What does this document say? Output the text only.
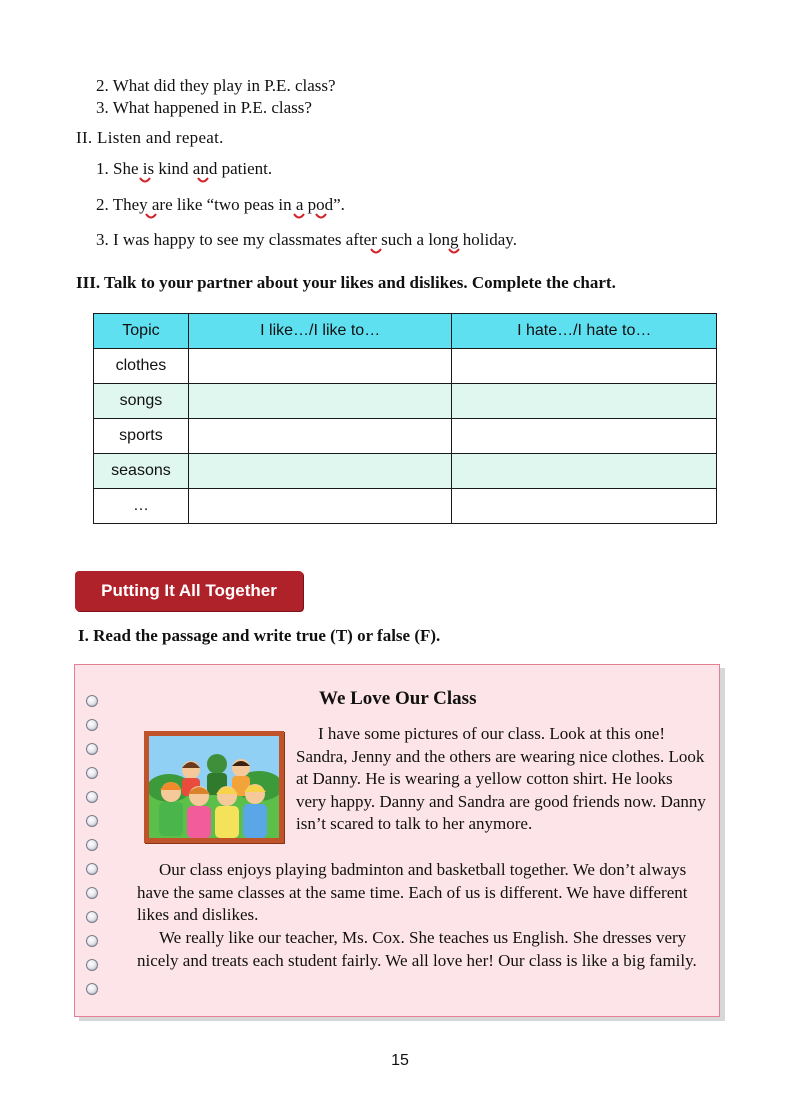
2. What did they play in P.E. class?
3. What happened in P.E. class?
II. Listen and repeat.
1. She is kind and patient.
2. They are like “two peas in a pod”.
3. I was happy to see my classmates after such a long holiday.
III. Talk to your partner about your likes and dislikes. Complete the chart.
Topic	I like…/I like to…	I hate…/I hate to…
clothes		
songs		
sports		
seasons		
…		
Putting It All Together
I. Read the passage and write true (T) or false (F).
We Love Our Class
I have some pictures of our class. Look at this one! Sandra, Jenny and the others are wearing nice clothes. Look at Danny. He is wearing a yellow cotton shirt. He looks very happy. Danny and Sandra are good friends now. Danny isn’t scared to talk to her anymore.
Our class enjoys playing badminton and basketball together. We don’t always have the same classes at the same time. Each of us is different. We have different likes and dislikes.
We really like our teacher, Ms. Cox. She teaches us English. She dresses very nicely and treats each student fairly. We all love her! Our class is like a big family.
15
